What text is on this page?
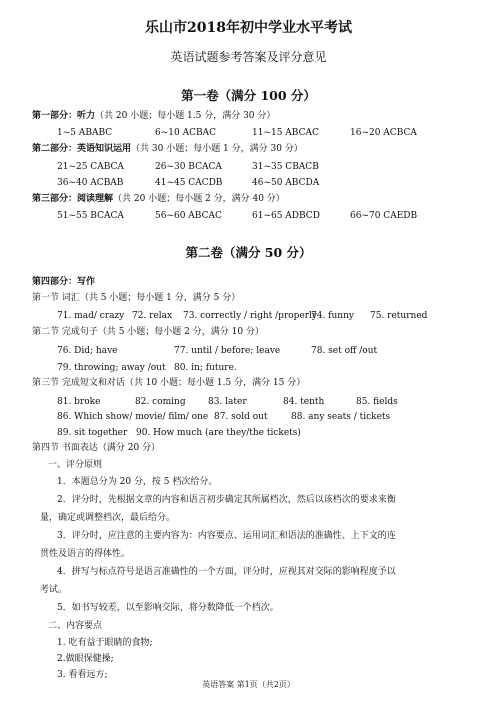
乐山市2018年初中学业水平考试
英语试题参考答案及评分意见
第一卷（满分 100 分）
第一部分：听力（共 20 小题；每小题 1.5 分，满分 30 分）
1~5 ABABC	6~10 ACBAC	11~15 ABCAC	16~20 ACBCA
第二部分：英语知识运用（共 30 小题；每小题 1 分，满分 30 分）
21~25 CABCA	26~30 BCACA	31~35 CBACB
36~40 ACBAB	41~45 CACDB	46~50 ABCDA
第三部分：阅读理解（共 20 小题；每小题 2 分，满分 40 分）
51~55 BCACA	56~60 ABCAC	61~65 ADBCD	66~70 CAEDB
第二卷（满分 50 分）
第四部分：写作
第一节 词汇（共 5 小题；每小题 1 分，满分 5 分）
71. mad/ crazy 72. relax 73. correctly / right /properly
74. funny 75. returned
第二节 完成句子（共 5 小题；每小题 2 分，满分 10 分）
76. Did; have	77. until / before; leave	78. set off /out
79. throwing; away /out 80. in; future.
第三节 完成短文和对话（共 10 小题；每小题 1.5 分，满分 15 分）
81. broke	82. coming 83. later	84. tenth	85. fields
86. Which show/ movie/ film/ one 87. sold out	88. any seats / tickets
89. sit together 90. How much (are they/the tickets)
第四节 书面表达（满分 20 分）
一、评分原则
1．本题总分为 20 分，按 5 档次给分。
2．评分时，先根据文章的内容和语言初步确定其所属档次，然后以该档次的要求来衡
量，确定或调整档次，最后给分。
3．评分时，应注意的主要内容为：内容要点、运用词汇和语法的准确性、上下文的连
贯性及语言的得体性。
4．拼写与标点符号是语言准确性的一个方面，评分时，应视其对交际的影响程度予以
考试。
5．如书写较差，以至影响交际，将分数降低一个档次。
二、内容要点
1. 吃有益于眼睛的食物;
2.做眼保健操;
3. 看看远方;
英语答案 第1页（共2页）
